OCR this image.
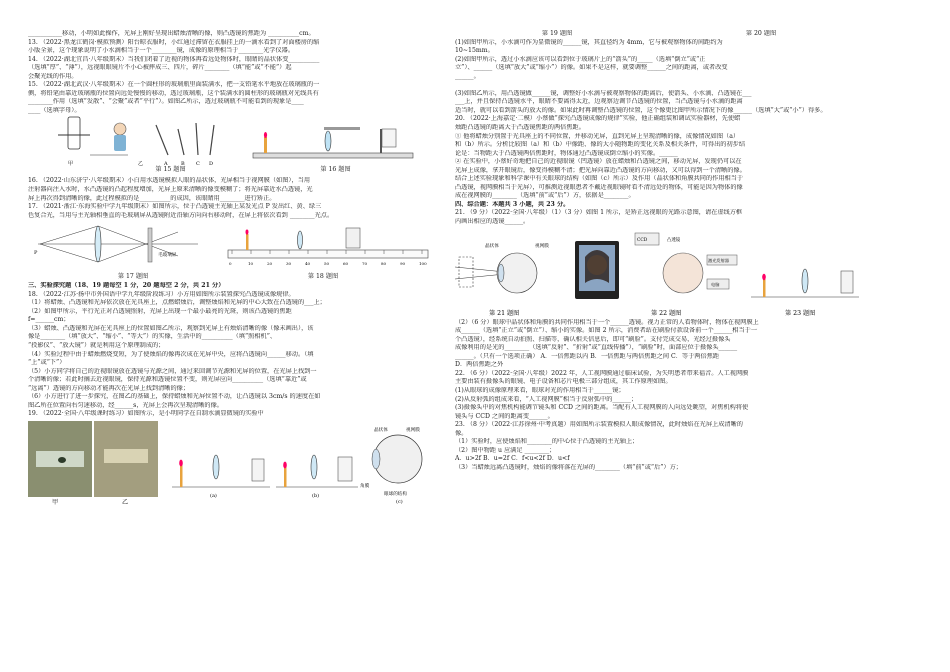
___________移动，小明如此操作，光屏上刚好呈现出蜡烛清晰的像，则凸透镜的焦距为 __________cm。
13. （2022·黑龙江鹤岗·模拟预测）阳台晾衣服时，小红通过滞留在衣服挂上的一滴水看到了对面楼房的缩
小版全景，这个现象说明了小水滴相当于一个________镜，成像的原理相当于________光学仪器。
14. （2022·湖北宜昌·八年级期末）当我们闭着了近视的物体再看远处物体时，眼睛的晶状体变__________
（选填“厚”、“薄”），远视眼眼镜片不小心被摔成三、四片，碎片________（填“能”或“不能”）起
会聚光线的作用。
15. （2022·湖北武汉·八年级期末）在一个圆柱形的玻璃瓶里面装满水，把一支铅笔水平地放在玻璃瓶的一
侧，将铅笔由靠近玻璃瓶的位置向远处慢慢的移动，透过玻璃瓶，这个装满水的圆柱形的玻璃瓶对光线具有
________作用（选填“发散”、“会聚”或者“平行”）。如图乙所示，透过玻璃瓶不可能看到的现象是____
____（选填字母）。
A	B C D
甲	乙
第 15 题图	第 16 题图
16. （2022·山东济宁·八年级期末）小白用水透镜模拟人眼的晶状体，光屏相当于视网膜（如图），当用
注射器向注入水时，水凸透镜的凸起程度增加，光屏上原来清晰的像变模糊了；将光屏靠近水凸透镜，光
屏上再次得到清晰的像，此过程模拟的是__________的成因，该眼睛用________进行矫正。
17. （2021·浙江·东海实验中学九年级期末）如图所示，位于凸透镜主光轴上某发光点 P 发出红、黄、绿三
色复合光，当用与主光轴相垂直的毛玻璃屏从透镜附近沿轴方向向右移动时，在屏上将依次看到 ________光点。
P	毛玻璃屏
0	10	20	30	40	50	60	70	80	90	100
第 17 题图	第 18 题图
三、实验探究题（18、19 题每空 1 分，20 题每空 2 分，共 21 分）
18. （2022·江苏·扬中市外国语中学九年级阶段练习）小方用如图所示装置探究凸透镜成像规律。
（1）将蜡烛、凸透镜和光屏依次放在光具座上，点燃蜡烛后，调整烛焰和光屏的中心大致在凸透镜的___上；
（2）如图甲所示，平行光正对凸透镜照射，光屏上出现一个最小最亮的光斑，则该凸透镜的焦距
f=______cm；
（3）蜡烛、凸透镜和光屏在光具座上的位置如图乙所示，观察到光屏上有烛焰清晰的像（像未画出），该
像是________（填“放大”、“缩小”、“等大”）的实像，生活中的__________（填“照相机”、
“投影仪”、“放大镜”）就是利用这个原理制成的；
（4）实验过程中由于蜡烛燃烧变短，为了使烛焰的像再次成在光屏中央，应将凸透镜向______移动。（填
“上”或“下”）
（5）小方同学将自己的近视眼镜放在透镜与光源之间，通过来回调节光源和光屏的位置，在光屏上找到一
个清晰的像；若此时摘去近视眼镜，保持光源和透镜位置不变，则光屏应向__________（选填“靠近”或
“远离”）透镜的方向移动才能再次在光屏上找到清晰的像；
（6）小方进行了进一步探究，在图乙的基础上，保持蜡烛和光屏位置不动，让凸透镜以 3cm/s 的速度在如
图乙所在位置向右匀速移动，经______s，光屏上会再次呈现清晰的像。
19. （2022·全国·八年级课时练习）如图所示，是小明同学在自制水滴显微镜的实验中
甲	乙
(a)	(b)
晶状体	视网膜
角膜
眼球的结构
(c)
第 19 题图	第 20 题图
(1)如图甲所示，小水滴可作为显微镜的______镜，其直径约为 4mm，它与被观察物体的间距约为
10~15mm。
(2)如图甲所示，透过小水滴应该可以看到位于玻璃片上的“箭头”的_____（选填“倒立”或“正
立”）、______（选填“放大”或“缩小”）的像。如果不是这样，就要调整______之间的距离，或者改变
______。

(3)如图乙所示，用凸透镜做______镜，调整好小水滴与被观察物体的距离后，使箭头、小水滴、凸透镜在___
___上，并且保持凸透镜水平，眼睛不要离得太近，边观察边调节凸透镜的位置，当凸透镜与小水滴的距离
适当时，就可以看到箭头的放大的像。如果此时再调整凸透镜的位置，这个像更比图甲所示情况下的像______（选填“大”或“小”）得多。
20. （2022·上海嘉定·二模）小蔡做“探究凸透镜成像的规律”实验，他正确组装和调试实验器材，先使蜡
烛距凸透镜的距离大于凸透镜焦距的两倍焦距。
① 他将蜡烛分别置于光具座上的不同位置，并移动光屏，直到光屏上呈现清晰的像，成像情况如图（a）
和（b）所示。分析比较图（a）和（b）中像距、像的大小随物距的变化关系及相关条件，可得出的初步结
论是：当物距大于凸透镜两倍焦距时，物体通过凸透镜成倒立缩小的实像。______
② 在实验中，小蔡好奇地把自己的近视眼镜（凹透镜）放在蜡烛和凸透镜之间，移动光屏，发现仍可以在
光屏上成像，拿开眼镜后，像变得模糊不清；把光屏向靠近凸透镜的方向移动，又可以得到一个清晰的像。
结合上述实验现象和科学课中有关眼球的结构（如图（c）所示）及作用（晶状体和角膜共同的作用相当于
凸透镜，视网膜相当于光屏），可推测近视眼患者不戴近视眼镜时看不清远处的物体，可能是因为物体的像
成在视网膜的________（选填“前”或“后”）方，依据是________。
四、综合题：本题共 3 小题，共 23 分。
21. （9 分）（2022·全国·八年级）（1）（3 分）如图 1 所示，是矫正远视眼的光路示意图，请在虚线方框
内画出相应的透镜______。
晶状体	视网膜
CCD	凸透镜
激光发射器
电脑
第 21 题图	第 22 题图	第 23 题图
（2）（6 分）眼球中晶状体和角膜的共同作用相当于一个______透镜。视力正常的人看物体时，物体在视网膜上
成______（选填“正立”或“倒立”）、缩小的实像。如图 2 所示，消费者站在刷脸付款设备前一个______相当于一
个凸透镜），经系统自动拍照、扫描等，确认相关信息后，即可“刷脸”。支付完成交易，光经过摄像头
成像利用的是光的________（选填“反射”、“折射”或“直线传播”），“刷脸”时，面部应位于摄像头______
______。（只有一个选项正确） A．一倍焦距以内 B．一倍焦距与两倍焦距之间 C．等于两倍焦距
D．两倍焦距之外
22. （6 分）（2022·全国·八年级）2022 年，人工视网膜通过临床试验，为失明患者带来福音。人工视网膜
主要由装有摄像头的眼镜、电子设备和芯片电极三部分组成，其工作原理如图。
(1)从眼球的成像原理来看，眼球对光的作用相当于______镜；
(2)从反射弧的组成来看，“人工视网膜”相当于反射弧中的______；
(3)摄像头中的对焦机构能调节镜头和 CCD 之间的距离。当配有人工视网膜的人向远处眺望，对焦机构将使
镜头与 CCD 之间的距离变______。
23. （8 分）（2022·江苏徐州·中考真题）用如图所示装置模拟人眼成像情况，此时烛焰在光屏上成清晰的
像。
（1）实验时，应使烛焰和________的中心位于凸透镜的主光轴上；
（2）图中物距 u 应满足 ________；
A．u>2f B．u=2f C．f<u<2f D．u<f
（3）当蜡烛远离凸透镜时，烛焰的像将落在光屏的________（填“前”或“后”）方；
